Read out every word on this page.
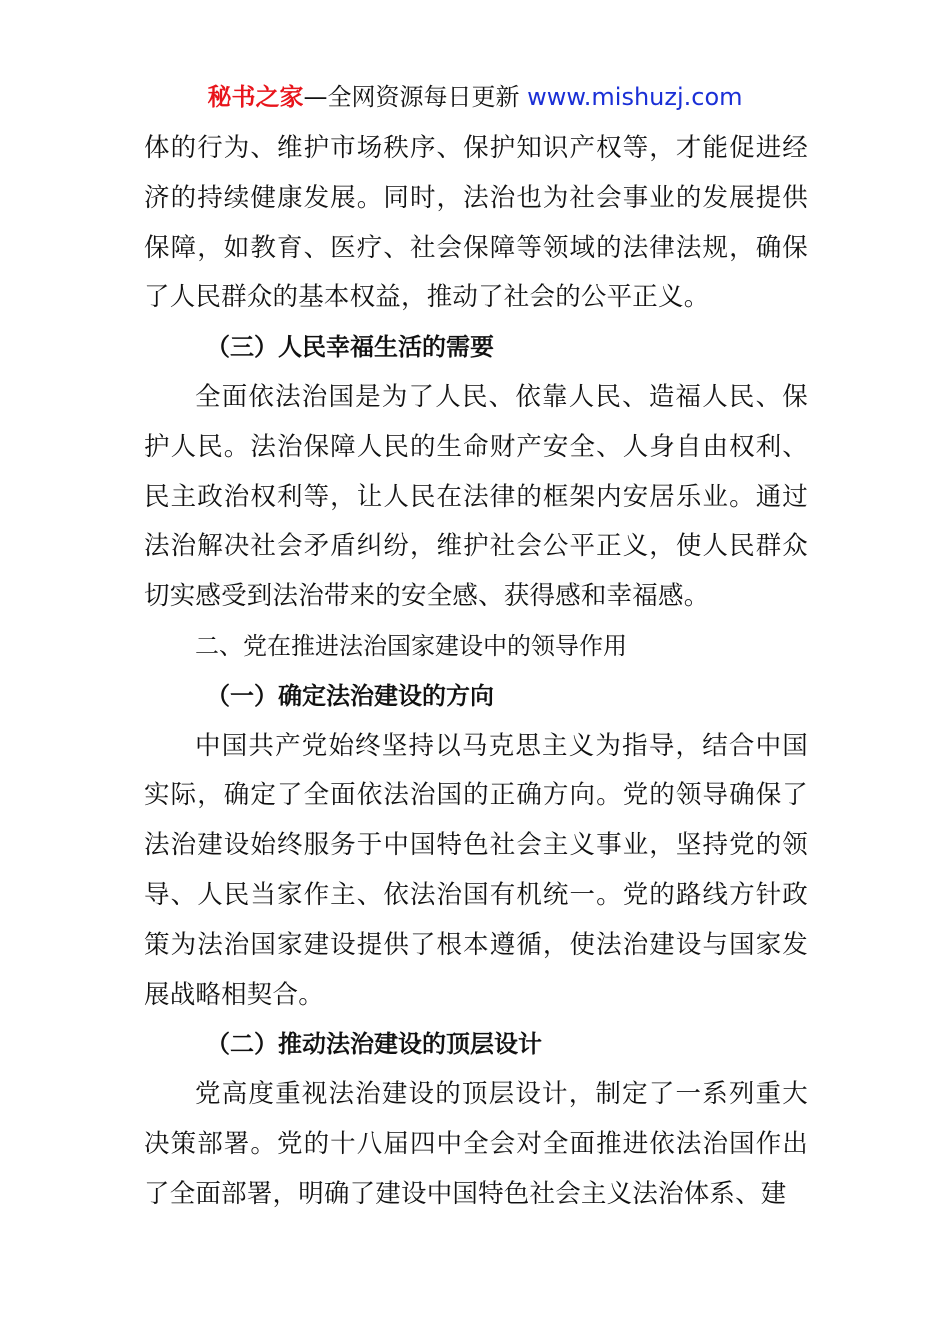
秘书之家—全网资源每日更新 www.mishuzj.com

体的行为、维护市场秩序、保护知识产权等，才能促进经济的持续健康发展。同时，法治也为社会事业的发展提供保障，如教育、医疗、社会保障等领域的法律法规，确保了人民群众的基本权益，推动了社会的公平正义。

（三）人民幸福生活的需要

全面依法治国是为了人民、依靠人民、造福人民、保护人民。法治保障人民的生命财产安全、人身自由权利、民主政治权利等，让人民在法律的框架内安居乐业。通过法治解决社会矛盾纠纷，维护社会公平正义，使人民群众切实感受到法治带来的安全感、获得感和幸福感。

二、党在推进法治国家建设中的领导作用

（一）确定法治建设的方向

中国共产党始终坚持以马克思主义为指导，结合中国实际，确定了全面依法治国的正确方向。党的领导确保了法治建设始终服务于中国特色社会主义事业，坚持党的领导、人民当家作主、依法治国有机统一。党的路线方针政策为法治国家建设提供了根本遵循，使法治建设与国家发展战略相契合。

（二）推动法治建设的顶层设计

党高度重视法治建设的顶层设计，制定了一系列重大决策部署。党的十八届四中全会对全面推进依法治国作出了全面部署，明确了建设中国特色社会主义法治体系、建
